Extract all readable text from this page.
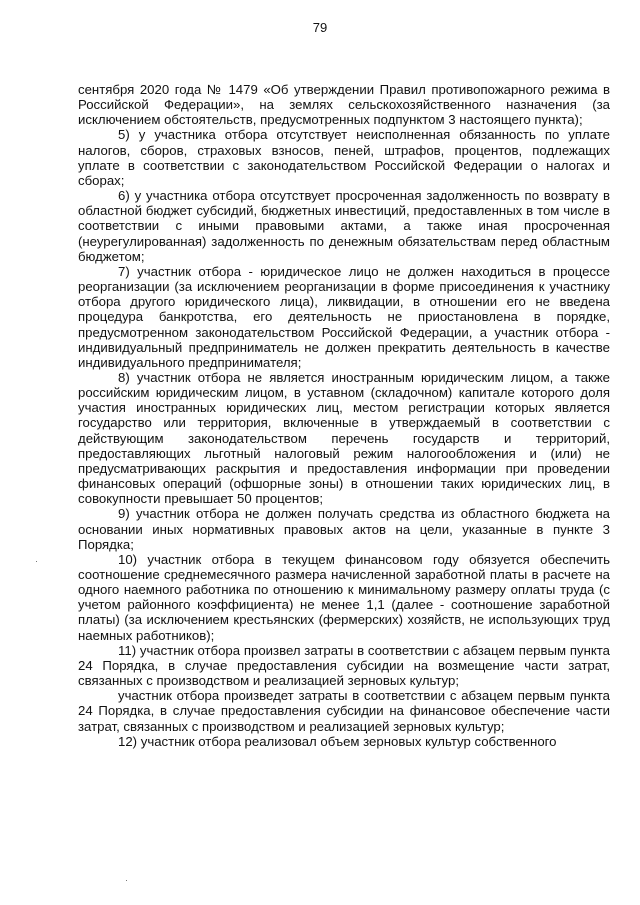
79

сентября 2020 года № 1479 «Об утверждении Правил противопожарного режима в Российской Федерации», на землях сельскохозяйственного назначения (за исключением обстоятельств, предусмотренных подпунктом 3 настоящего пункта);

5) у участника отбора отсутствует неисполненная обязанность по уплате налогов, сборов, страховых взносов, пеней, штрафов, процентов, подлежащих уплате в соответствии с законодательством Российской Федерации о налогах и сборах;

6) у участника отбора отсутствует просроченная задолженность по возврату в областной бюджет субсидий, бюджетных инвестиций, предоставленных в том числе в соответствии с иными правовыми актами, а также иная просроченная (неурегулированная) задолженность по денежным обязательствам перед областным бюджетом;

7) участник отбора - юридическое лицо не должен находиться в процессе реорганизации (за исключением реорганизации в форме присоединения к участнику отбора другого юридического лица), ликвидации, в отношении его не введена процедура банкротства, его деятельность не приостановлена в порядке, предусмотренном законодательством Российской Федерации, а участник отбора - индивидуальный предприниматель не должен прекратить деятельность в качестве индивидуального предпринимателя;

8) участник отбора не является иностранным юридическим лицом, а также российским юридическим лицом, в уставном (складочном) капитале которого доля участия иностранных юридических лиц, местом регистрации которых является государство или территория, включенные в утверждаемый в соответствии с действующим законодательством перечень государств и территорий, предоставляющих льготный налоговый режим налогообложения и (или) не предусматривающих раскрытия и предоставления информации при проведении финансовых операций (офшорные зоны) в отношении таких юридических лиц, в совокупности превышает 50 процентов;

9) участник отбора не должен получать средства из областного бюджета на основании иных нормативных правовых актов на цели, указанные в пункте 3 Порядка;

10) участник отбора в текущем финансовом году обязуется обеспечить соотношение среднемесячного размера начисленной заработной платы в расчете на одного наемного работника по отношению к минимальному размеру оплаты труда (с учетом районного коэффициента) не менее 1,1 (далее - соотношение заработной платы) (за исключением крестьянских (фермерских) хозяйств, не использующих труд наемных работников);

11) участник отбора произвел затраты в соответствии с абзацем первым пункта 24 Порядка, в случае предоставления субсидии на возмещение части затрат, связанных с производством и реализацией зерновых культур;

участник отбора произведет затраты в соответствии с абзацем первым пункта 24 Порядка, в случае предоставления субсидии на финансовое обеспечение части затрат, связанных с производством и реализацией зерновых культур;

12) участник отбора реализовал объем зерновых культур собственного
